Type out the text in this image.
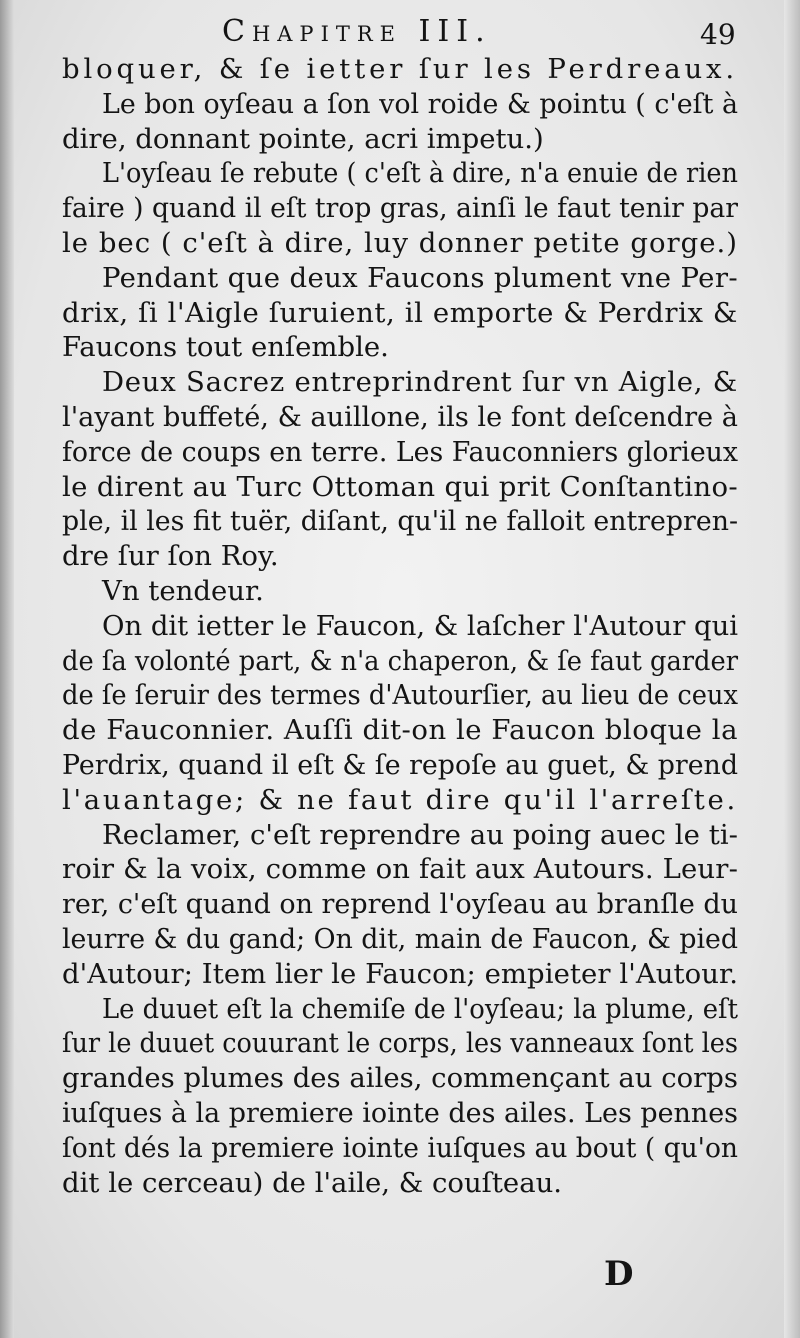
Chapitre III.	49
bloquer, & ſe ietter ſur les Perdreaux.
Le bon oyſeau a ſon vol roide & pointu ( c'eſt à
dire, donnant pointe, acri impetu.)
L'oyſeau ſe rebute ( c'eſt à dire, n'a enuie de rien
faire ) quand il eſt trop gras, ainſi le faut tenir par
le bec ( c'eſt à dire, luy donner petite gorge.)
Pendant que deux Faucons plument vne Per-
drix, ſi l'Aigle ſuruient, il emporte & Perdrix &
Faucons tout enſemble.
Deux Sacrez entreprindrent ſur vn Aigle, &
l'ayant buffeté, & auillone, ils le font deſcendre à
force de coups en terre. Les Fauconniers glorieux
le dirent au Turc Ottoman qui prit Conſtantino-
ple, il les fit tuër, diſant, qu'il ne falloit entrepren-
dre ſur ſon Roy.
Vn tendeur.
On dit ietter le Faucon, & laſcher l'Autour qui
de ſa volonté part, & n'a chaperon, & ſe faut garder
de ſe ſeruir des termes d'Autourſier, au lieu de ceux
de Fauconnier. Auſſi dit-on le Faucon bloque la
Perdrix, quand il eſt & ſe repoſe au guet, & prend
l'auantage; & ne faut dire qu'il l'arreſte.
Reclamer, c'eſt reprendre au poing auec le ti-
roir & la voix, comme on fait aux Autours. Leur-
rer, c'eſt quand on reprend l'oyſeau au branſle du
leurre & du gand; On dit, main de Faucon, & pied
d'Autour; Item lier le Faucon; empieter l'Autour.
Le duuet eſt la chemiſe de l'oyſeau; la plume, eſt
ſur le duuet couurant le corps, les vanneaux ſont les
grandes plumes des ailes, commençant au corps
iuſques à la premiere iointe des ailes. Les pennes
ſont dés la premiere iointe iuſques au bout ( qu'on
dit le cerceau) de l'aile, & couſteau.
D
